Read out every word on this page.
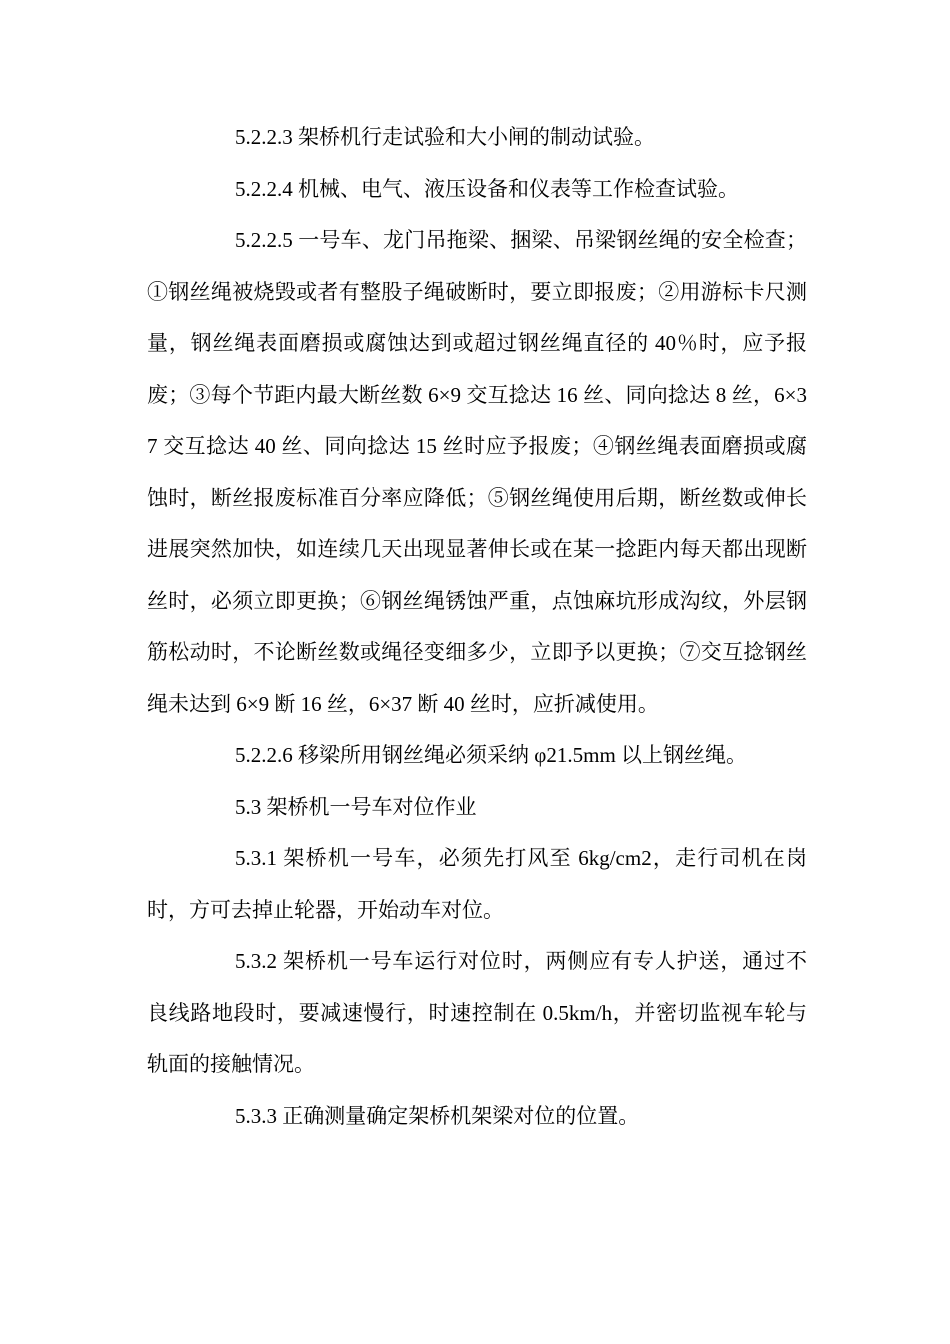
5.2.2.3 架桥机行走试验和大小闸的制动试验。

5.2.2.4 机械、电气、液压设备和仪表等工作检查试验。

5.2.2.5 一号车、龙门吊拖梁、捆梁、吊梁钢丝绳的安全检查；①钢丝绳被烧毁或者有整股子绳破断时，要立即报废；②用游标卡尺测量，钢丝绳表面磨损或腐蚀达到或超过钢丝绳直径的 40％时，应予报废；③每个节距内最大断丝数 6×9 交互捻达 16 丝、同向捻达 8 丝，6×37 交互捻达 40 丝、同向捻达 15 丝时应予报废；④钢丝绳表面磨损或腐蚀时，断丝报废标准百分率应降低；⑤钢丝绳使用后期，断丝数或伸长进展突然加快，如连续几天出现显著伸长或在某一捻距内每天都出现断丝时，必须立即更换；⑥钢丝绳锈蚀严重，点蚀麻坑形成沟纹，外层钢筋松动时，不论断丝数或绳径变细多少，立即予以更换；⑦交互捻钢丝绳未达到 6×9 断 16 丝，6×37 断 40 丝时，应折减使用。

5.2.2.6 移梁所用钢丝绳必须采纳 φ21.5mm 以上钢丝绳。

5.3 架桥机一号车对位作业

5.3.1 架桥机一号车，必须先打风至 6kg/cm2，走行司机在岗时，方可去掉止轮器，开始动车对位。

5.3.2 架桥机一号车运行对位时，两侧应有专人护送，通过不良线路地段时，要减速慢行，时速控制在 0.5km/h，并密切监视车轮与轨面的接触情况。

5.3.3 正确测量确定架桥机架梁对位的位置。
